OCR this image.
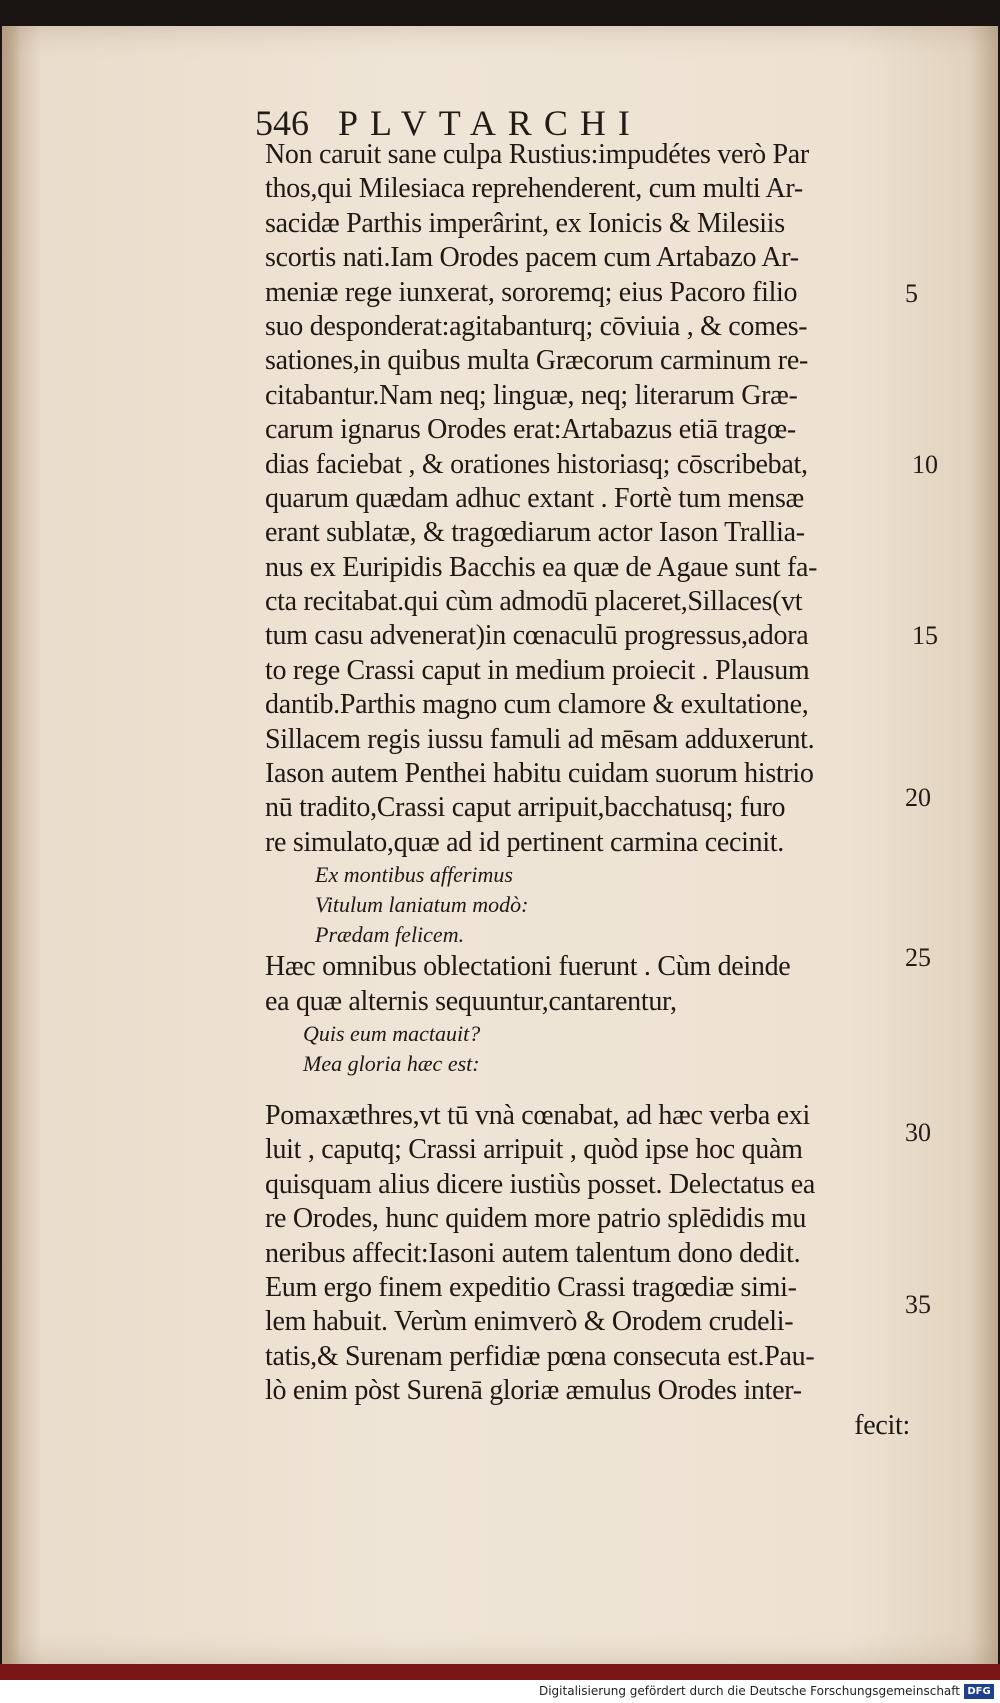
546 PLVTARCHI
Non caruit sane culpa Rustius:impudétes verò Par
thos,qui Milesiaca reprehenderent, cum multi Ar-
sacidæ Parthis imperârint, ex Ionicis & Milesiis
scortis nati.Iam Orodes pacem cum Artabazo Ar-
meniæ rege iunxerat, sororemq; eius Pacoro filio
suo desponderat:agitabanturq; cōviuia , & comes-
sationes,in quibus multa Græcorum carminum re-
citabantur.Nam neq; linguæ, neq; literarum Græ-
carum ignarus Orodes erat:Artabazus etiā tragœ-
dias faciebat , & orationes historiasq; cōscribebat,
quarum quædam adhuc extant . Fortè tum mensæ
erant sublatæ, & tragœdiarum actor Iason Trallia-
nus ex Euripidis Bacchis ea quæ de Agaue sunt fa-
cta recitabat.qui cùm admodū placeret,Sillaces(vt
tum casu advenerat)in cœnaculū progressus,adora
to rege Crassi caput in medium proiecit . Plausum
dantib.Parthis magno cum clamore & exultatione,
Sillacem regis iussu famuli ad mēsam adduxerunt.
Iason autem Penthei habitu cuidam suorum histrio
nū tradito,Crassi caput arripuit,bacchatusq; furo
re simulato,quæ ad id pertinent carmina cecinit.
Ex montibus afferimus
Vitulum laniatum modò:
Prædam felicem.
Hæc omnibus oblectationi fuerunt . Cùm deinde
ea quæ alternis sequuntur,cantarentur,
Quis eum mactauit?
Mea gloria hæc est:
Pomaxæthres,vt tū vnà cœnabat, ad hæc verba exi
luit , caputq; Crassi arripuit , quòd ipse hoc quàm
quisquam alius dicere iustiùs posset. Delectatus ea
re Orodes, hunc quidem more patrio splēdidis mu
neribus affecit:Iasoni autem talentum dono dedit.
Eum ergo finem expeditio Crassi tragœdiæ simi-
lem habuit. Verùm enimverò & Orodem crudeli-
tatis,& Surenam perfidiæ pœna consecuta est.Pau-
lò enim pòst Surenā gloriæ æmulus Orodes inter-
fecit:
5
10
15
20
25
30
35
Digitalisierung gefördert durch die Deutsche Forschungsgemeinschaft DFG
